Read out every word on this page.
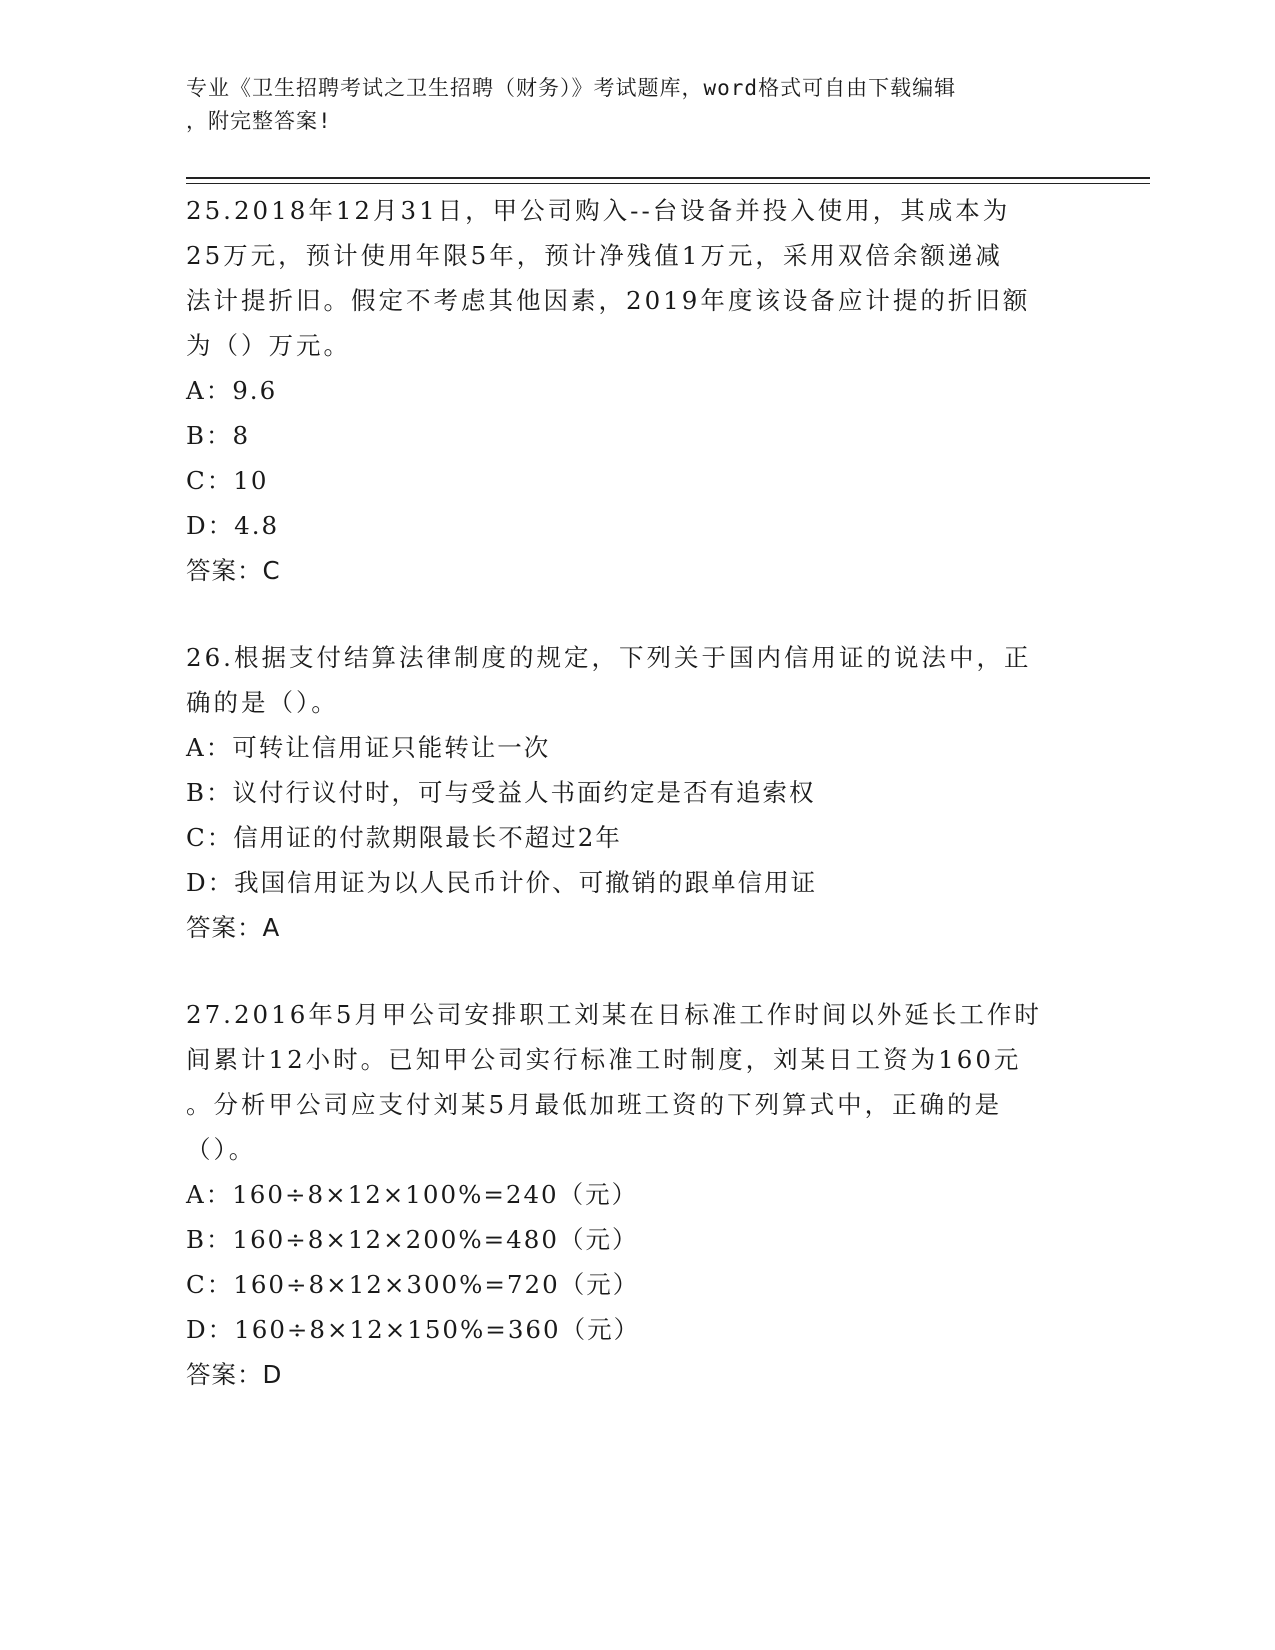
专业《卫生招聘考试之卫生招聘（财务）》考试题库，word格式可自由下载编辑
，附完整答案!

25.2018年12月31日，甲公司购入--台设备并投入使用，其成本为

25万元，预计使用年限5年，预计净残值1万元，采用双倍余额递减

法计提折旧。假定不考虑其他因素，2019年度该设备应计提的折旧额

为（）万元。

A：9.6

B：8

C：10

D：4.8

答案：C

26.根据支付结算法律制度的规定，下列关于国内信用证的说法中，正

确的是（）。

A：可转让信用证只能转让一次

B：议付行议付时，可与受益人书面约定是否有追索权

C：信用证的付款期限最长不超过2年

D：我国信用证为以人民币计价、可撤销的跟单信用证

答案：A

27.2016年5月甲公司安排职工刘某在日标准工作时间以外延长工作时

间累计12小时。已知甲公司实行标准工时制度，刘某日工资为160元

。分析甲公司应支付刘某5月最低加班工资的下列算式中，正确的是

（）。

A：160÷8×12×100%=240（元）

B：160÷8×12×200%=480（元）

C：160÷8×12×300%=720（元）

D：160÷8×12×150%=360（元）

答案：D
